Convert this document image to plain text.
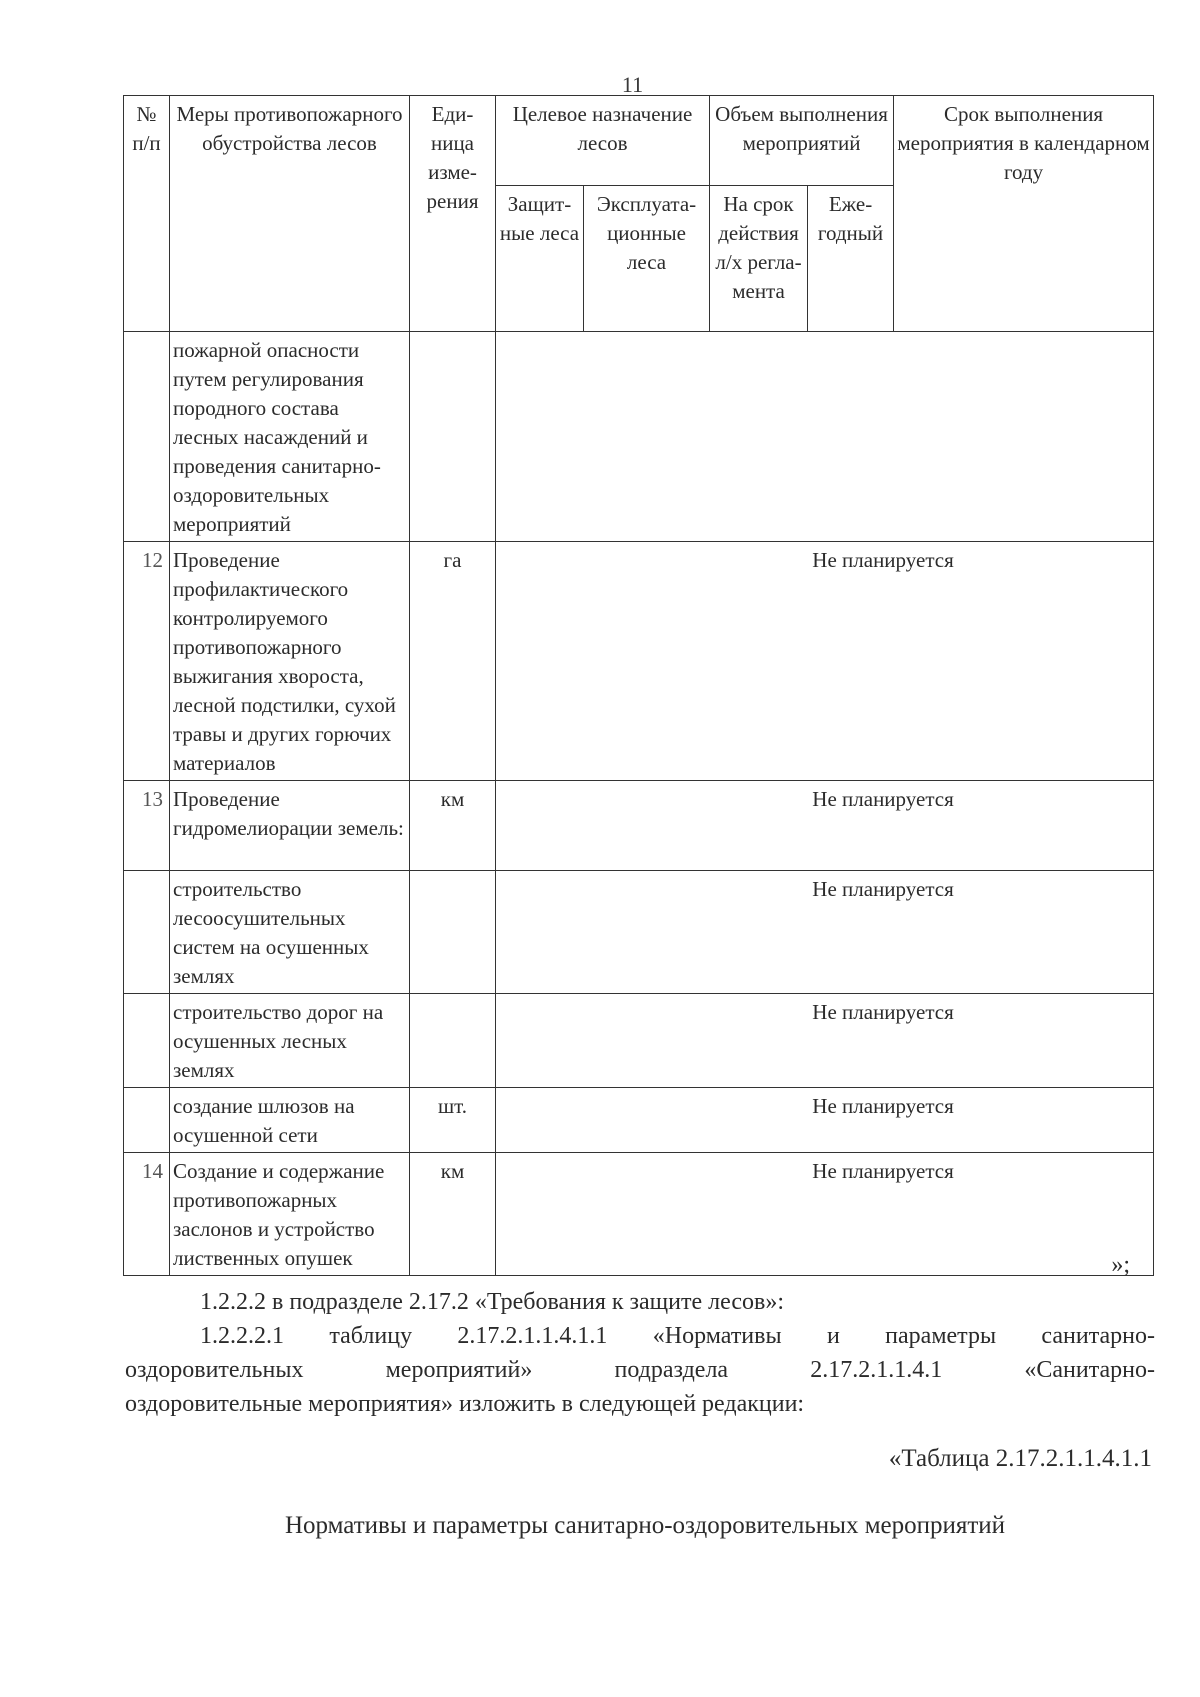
11
№ п/п	Меры противопожарного обустройства лесов	Еди-ница изме-рения	Целевое назначение лесов		Объем выполнения мероприятий		Срок выполнения мероприятия в календарном году
			Защит-ные леса	Эксплуата-ционные леса	На срок действия л/х регла-мента	Еже-годный	
	пожарной опасности путем регулирования породного состава лесных насаждений и проведения санитарно-оздоровительных мероприятий						
12	Проведение профилактического контролируемого противопожарного выжигания хвороста, лесной подстилки, сухой травы и других горючих материалов	га	Не планируется				
13	Проведение гидромелиорации земель:	км	Не планируется				
	строительство лесоосушительных систем на осушенных землях		Не планируется				
	строительство дорог на осушенных лесных землях		Не планируется				
	создание шлюзов на осушенной сети	шт.	Не планируется				
14	Создание и содержание противопожарных заслонов и устройство лиственных опушек	км	Не планируется				
»;
1.2.2.2 в подразделе 2.17.2 «Требования к защите лесов»:
1.2.2.2.1 таблицу 2.17.2.1.1.4.1.1 «Нормативы и параметры санитарно-
оздоровительных мероприятий» подраздела 2.17.2.1.1.4.1 «Санитарно-
оздоровительные мероприятия» изложить в следующей редакции:
«Таблица 2.17.2.1.1.4.1.1
Нормативы и параметры санитарно-оздоровительных мероприятий
